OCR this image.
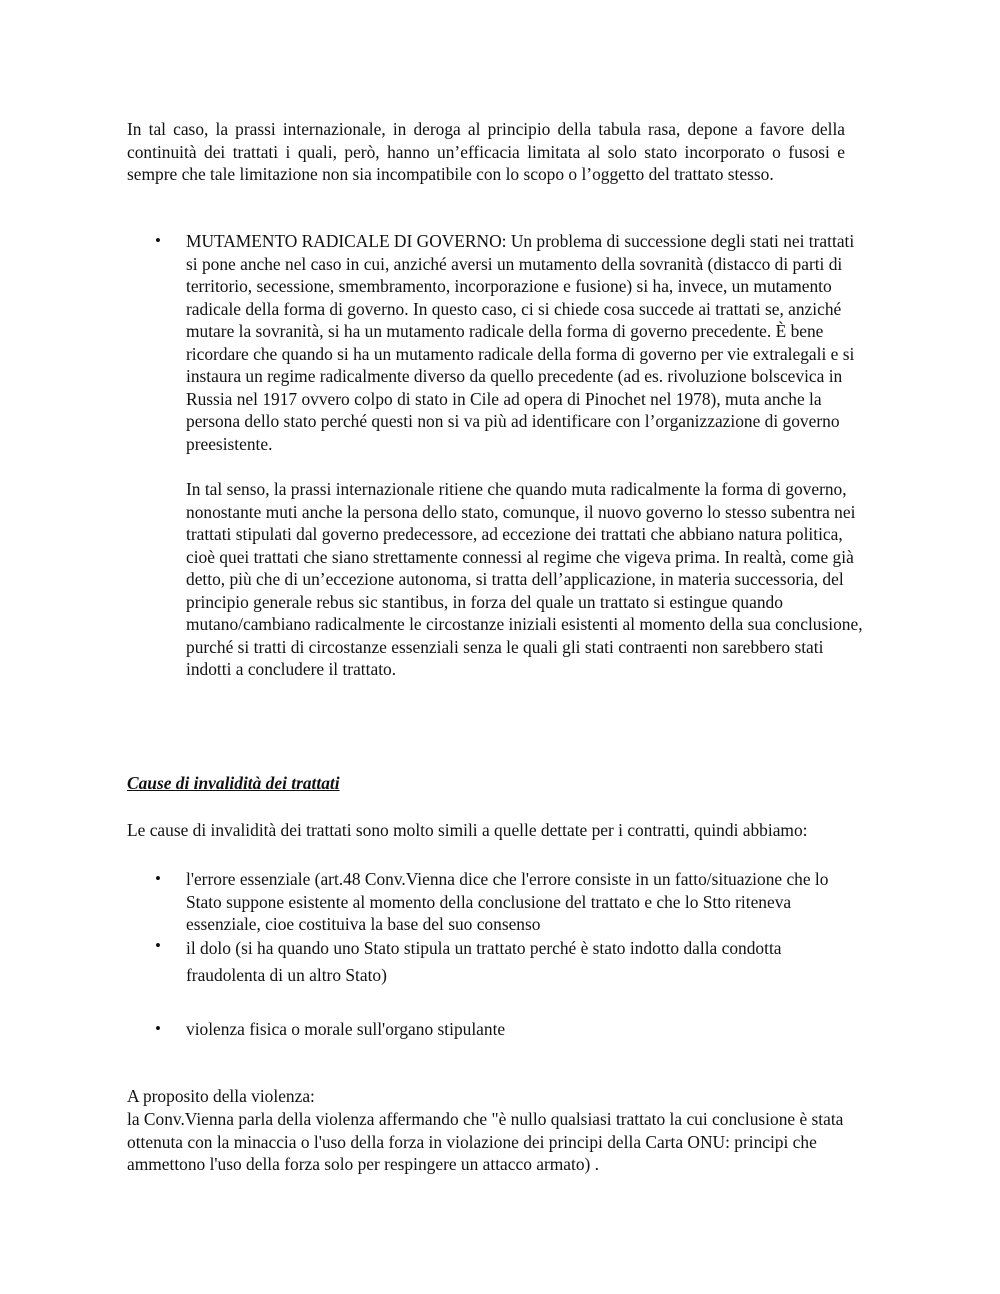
In tal caso, la prassi internazionale, in deroga al principio della tabula rasa, depone a favore della continuità dei trattati i quali, però, hanno un’efficacia limitata al solo stato incorporato o fusosi e sempre che tale limitazione non sia incompatibile con lo scopo o l’oggetto del trattato stesso.
• MUTAMENTO RADICALE DI GOVERNO: Un problema di successione degli stati nei trattati si pone anche nel caso in cui, anziché aversi un mutamento della sovranità (distacco di parti di territorio, secessione, smembramento, incorporazione e fusione) si ha, invece, un mutamento radicale della forma di governo. In questo caso, ci si chiede cosa succede ai trattati se, anziché mutare la sovranità, si ha un mutamento radicale della forma di governo precedente. È bene ricordare che quando si ha un mutamento radicale della forma di governo per vie extralegali e si instaura un regime radicalmente diverso da quello precedente (ad es. rivoluzione bolscevica in Russia nel 1917 ovvero colpo di stato in Cile ad opera di Pinochet nel 1978), muta anche la persona dello stato perché questi non si va più ad identificare con l’organizzazione di governo preesistente.
In tal senso, la prassi internazionale ritiene che quando muta radicalmente la forma di governo, nonostante muti anche la persona dello stato, comunque, il nuovo governo lo stesso subentra nei trattati stipulati dal governo predecessore, ad eccezione dei trattati che abbiano natura politica, cioè quei trattati che siano strettamente connessi al regime che vigeva prima. In realtà, come già detto, più che di un’eccezione autonoma, si tratta dell’applicazione, in materia successoria, del principio generale rebus sic stantibus, in forza del quale un trattato si estingue quando mutano/cambiano radicalmente le circostanze iniziali esistenti al momento della sua conclusione, purché si tratti di circostanze essenziali senza le quali gli stati contraenti non sarebbero stati indotti a concludere il trattato.
Cause di invalidità dei trattati
Le cause di invalidità dei trattati sono molto simili a quelle dettate per i contratti, quindi abbiamo:
• l'errore essenziale (art.48 Conv.Vienna dice che l'errore consiste in un fatto/situazione che lo Stato suppone esistente al momento della conclusione del trattato e che lo Stto riteneva essenziale, cioe costituiva la base del suo consenso
• il dolo (si ha quando uno Stato stipula un trattato perché è stato indotto dalla condotta fraudolenta di un altro Stato)
• violenza fisica o morale sull'organo stipulante
A proposito della violenza:
la Conv.Vienna parla della violenza affermando che "è nullo qualsiasi trattato la cui conclusione è stata ottenuta con la minaccia o l'uso della forza in violazione dei principi della Carta ONU: principi che ammettono l'uso della forza solo per respingere un attacco armato) .
